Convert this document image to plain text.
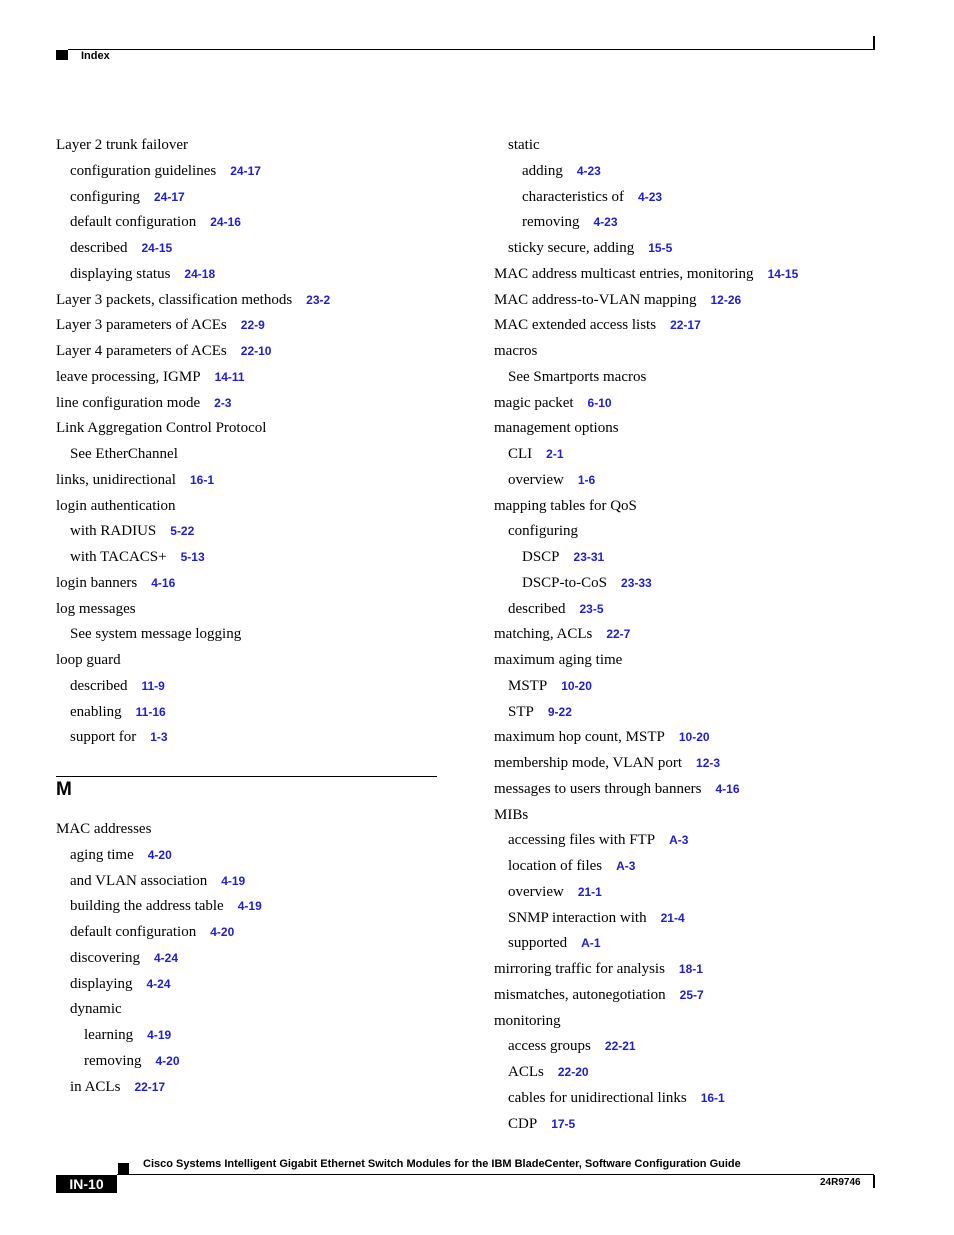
Index
Layer 2 trunk failover
configuration guidelines 24-17
configuring 24-17
default configuration 24-16
described 24-15
displaying status 24-18
Layer 3 packets, classification methods 23-2
Layer 3 parameters of ACEs 22-9
Layer 4 parameters of ACEs 22-10
leave processing, IGMP 14-11
line configuration mode 2-3
Link Aggregation Control Protocol
See EtherChannel
links, unidirectional 16-1
login authentication
with RADIUS 5-22
with TACACS+ 5-13
login banners 4-16
log messages
See system message logging
loop guard
described 11-9
enabling 11-16
support for 1-3
M
MAC addresses
aging time 4-20
and VLAN association 4-19
building the address table 4-19
default configuration 4-20
discovering 4-24
displaying 4-24
dynamic
learning 4-19
removing 4-20
in ACLs 22-17
static
adding 4-23
characteristics of 4-23
removing 4-23
sticky secure, adding 15-5
MAC address multicast entries, monitoring 14-15
MAC address-to-VLAN mapping 12-26
MAC extended access lists 22-17
macros
See Smartports macros
magic packet 6-10
management options
CLI 2-1
overview 1-6
mapping tables for QoS
configuring
DSCP 23-31
DSCP-to-CoS 23-33
described 23-5
matching, ACLs 22-7
maximum aging time
MSTP 10-20
STP 9-22
maximum hop count, MSTP 10-20
membership mode, VLAN port 12-3
messages to users through banners 4-16
MIBs
accessing files with FTP A-3
location of files A-3
overview 21-1
SNMP interaction with 21-4
supported A-1
mirroring traffic for analysis 18-1
mismatches, autonegotiation 25-7
monitoring
access groups 22-21
ACLs 22-20
cables for unidirectional links 16-1
CDP 17-5
Cisco Systems Intelligent Gigabit Ethernet Switch Modules for the IBM BladeCenter, Software Configuration Guide
IN-10	24R9746
